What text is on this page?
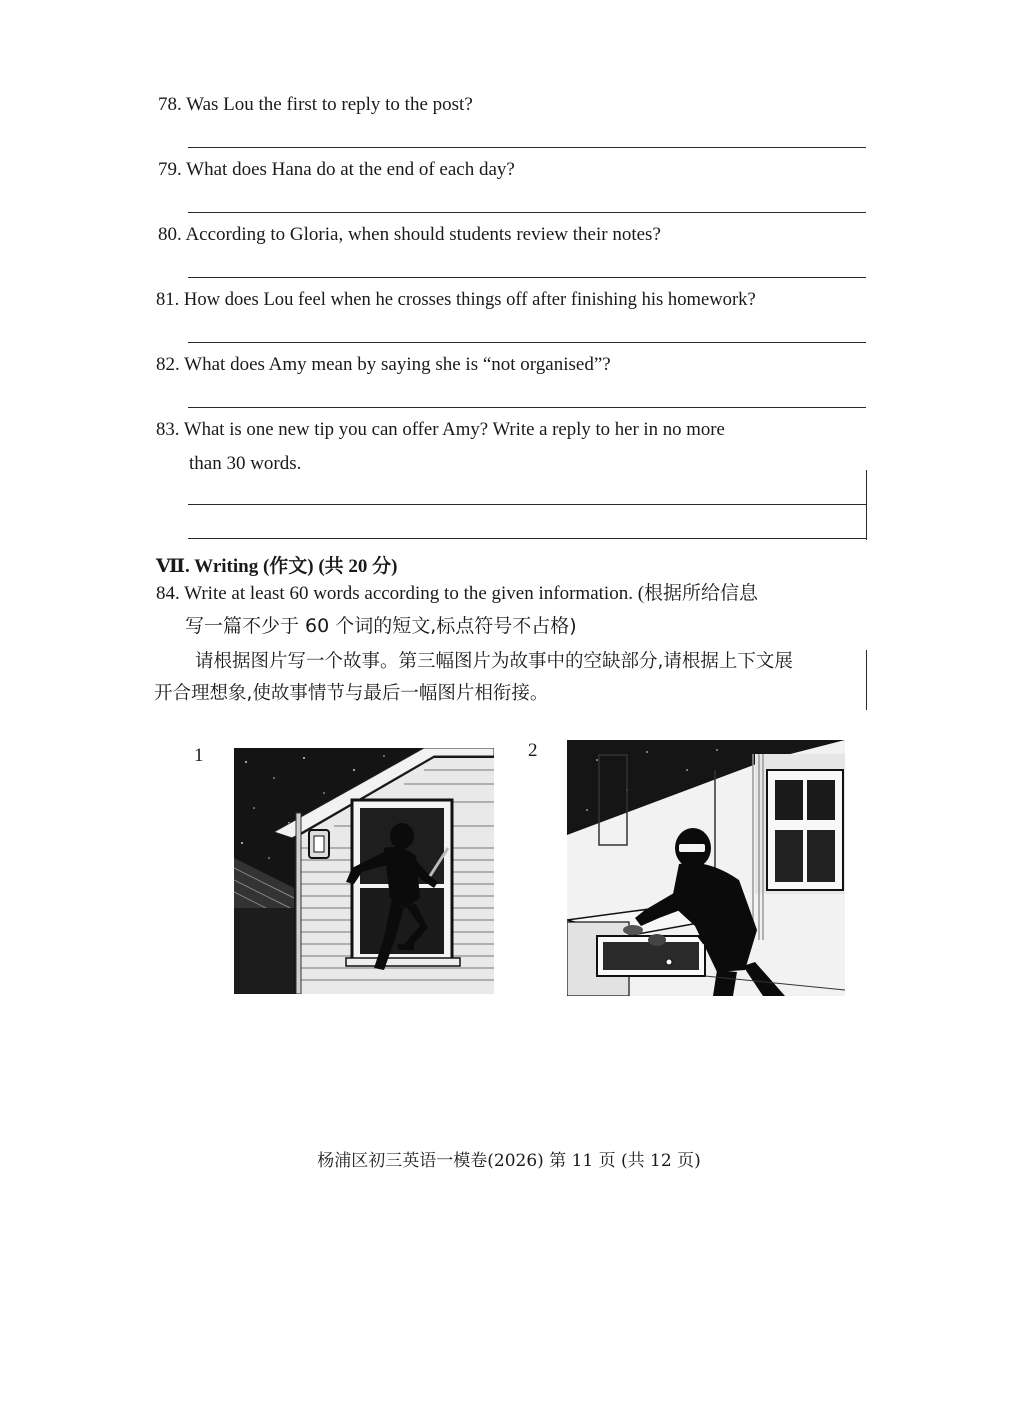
78. Was Lou the first to reply to the post?
79. What does Hana do at the end of each day?
80. According to Gloria, when should students review their notes?
81. How does Lou feel when he crosses things off after finishing his homework?
82. What does Amy mean by saying she is “not organised”?
83. What is one new tip you can offer Amy? Write a reply to her in no more
than 30 words.
Ⅶ. Writing (作文) (共 20 分)
84. Write at least 60 words according to the given information. (根据所给信息
写一篇不少于 60 个词的短文,标点符号不占格)
请根据图片写一个故事。第三幅图片为故事中的空缺部分,请根据上下文展
开合理想象,使故事情节与最后一幅图片相衔接。
1	2
杨浦区初三英语一模卷(2026) 第 11 页 (共 12 页)
